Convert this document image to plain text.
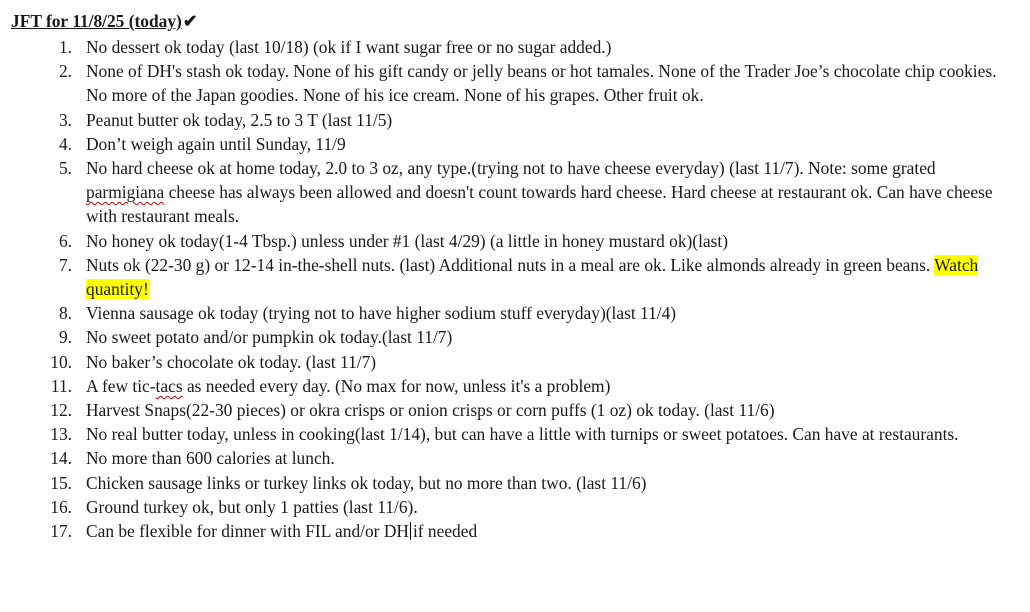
JFT for 11/8/25 (today)✔
1 . No dessert ok today (last 10/18) (ok if I want sugar free or no sugar added.)
2 . None of DH's stash ok today. None of his gift candy or jelly beans or hot tamales. None of the Trader Joe’s chocolate chip cookies. No more of the Japan goodies. None of his ice cream. None of his grapes. Other fruit ok.
3 . Peanut butter ok today, 2.5 to 3 T (last 11/5)
4 . Don’t weigh again until Sunday, 11/9
5 . No hard cheese ok at home today, 2.0 to 3 oz, any type.(trying not to have cheese everyday) (last 11/7). Note: some grated parmigiana cheese has always been allowed and doesn't count towards hard cheese. Hard cheese at restaurant ok. Can have cheese with restaurant meals.
6 . No honey ok today(1-4 Tbsp.) unless under #1 (last 4/29) (a little in honey mustard ok)(last)
7 . Nuts ok (22-30 g) or 12-14 in-the-shell nuts. (last) Additional nuts in a meal are ok. Like almonds already in green beans. Watch quantity!
8 . Vienna sausage ok today (trying not to have higher sodium stuff everyday)(last 11/4)
9 . No sweet potato and/or pumpkin ok today.(last 11/7)
10 . No baker’s chocolate ok today. (last 11/7)
11 . A few tic-tacs as needed every day. (No max for now, unless it's a problem)
12 . Harvest Snaps(22-30 pieces) or okra crisps or onion crisps or corn puffs (1 oz) ok today. (last 11/6)
13 . No real butter today, unless in cooking(last 1/14), but can have a little with turnips or sweet potatoes. Can have at restaurants.
14 . No more than 600 calories at lunch.
15 . Chicken sausage links or turkey links ok today, but no more than two. (last 11/6)
16 . Ground turkey ok, but only 1 patties (last 11/6).
17 . Can be flexible for dinner with FIL and/or DH if needed
